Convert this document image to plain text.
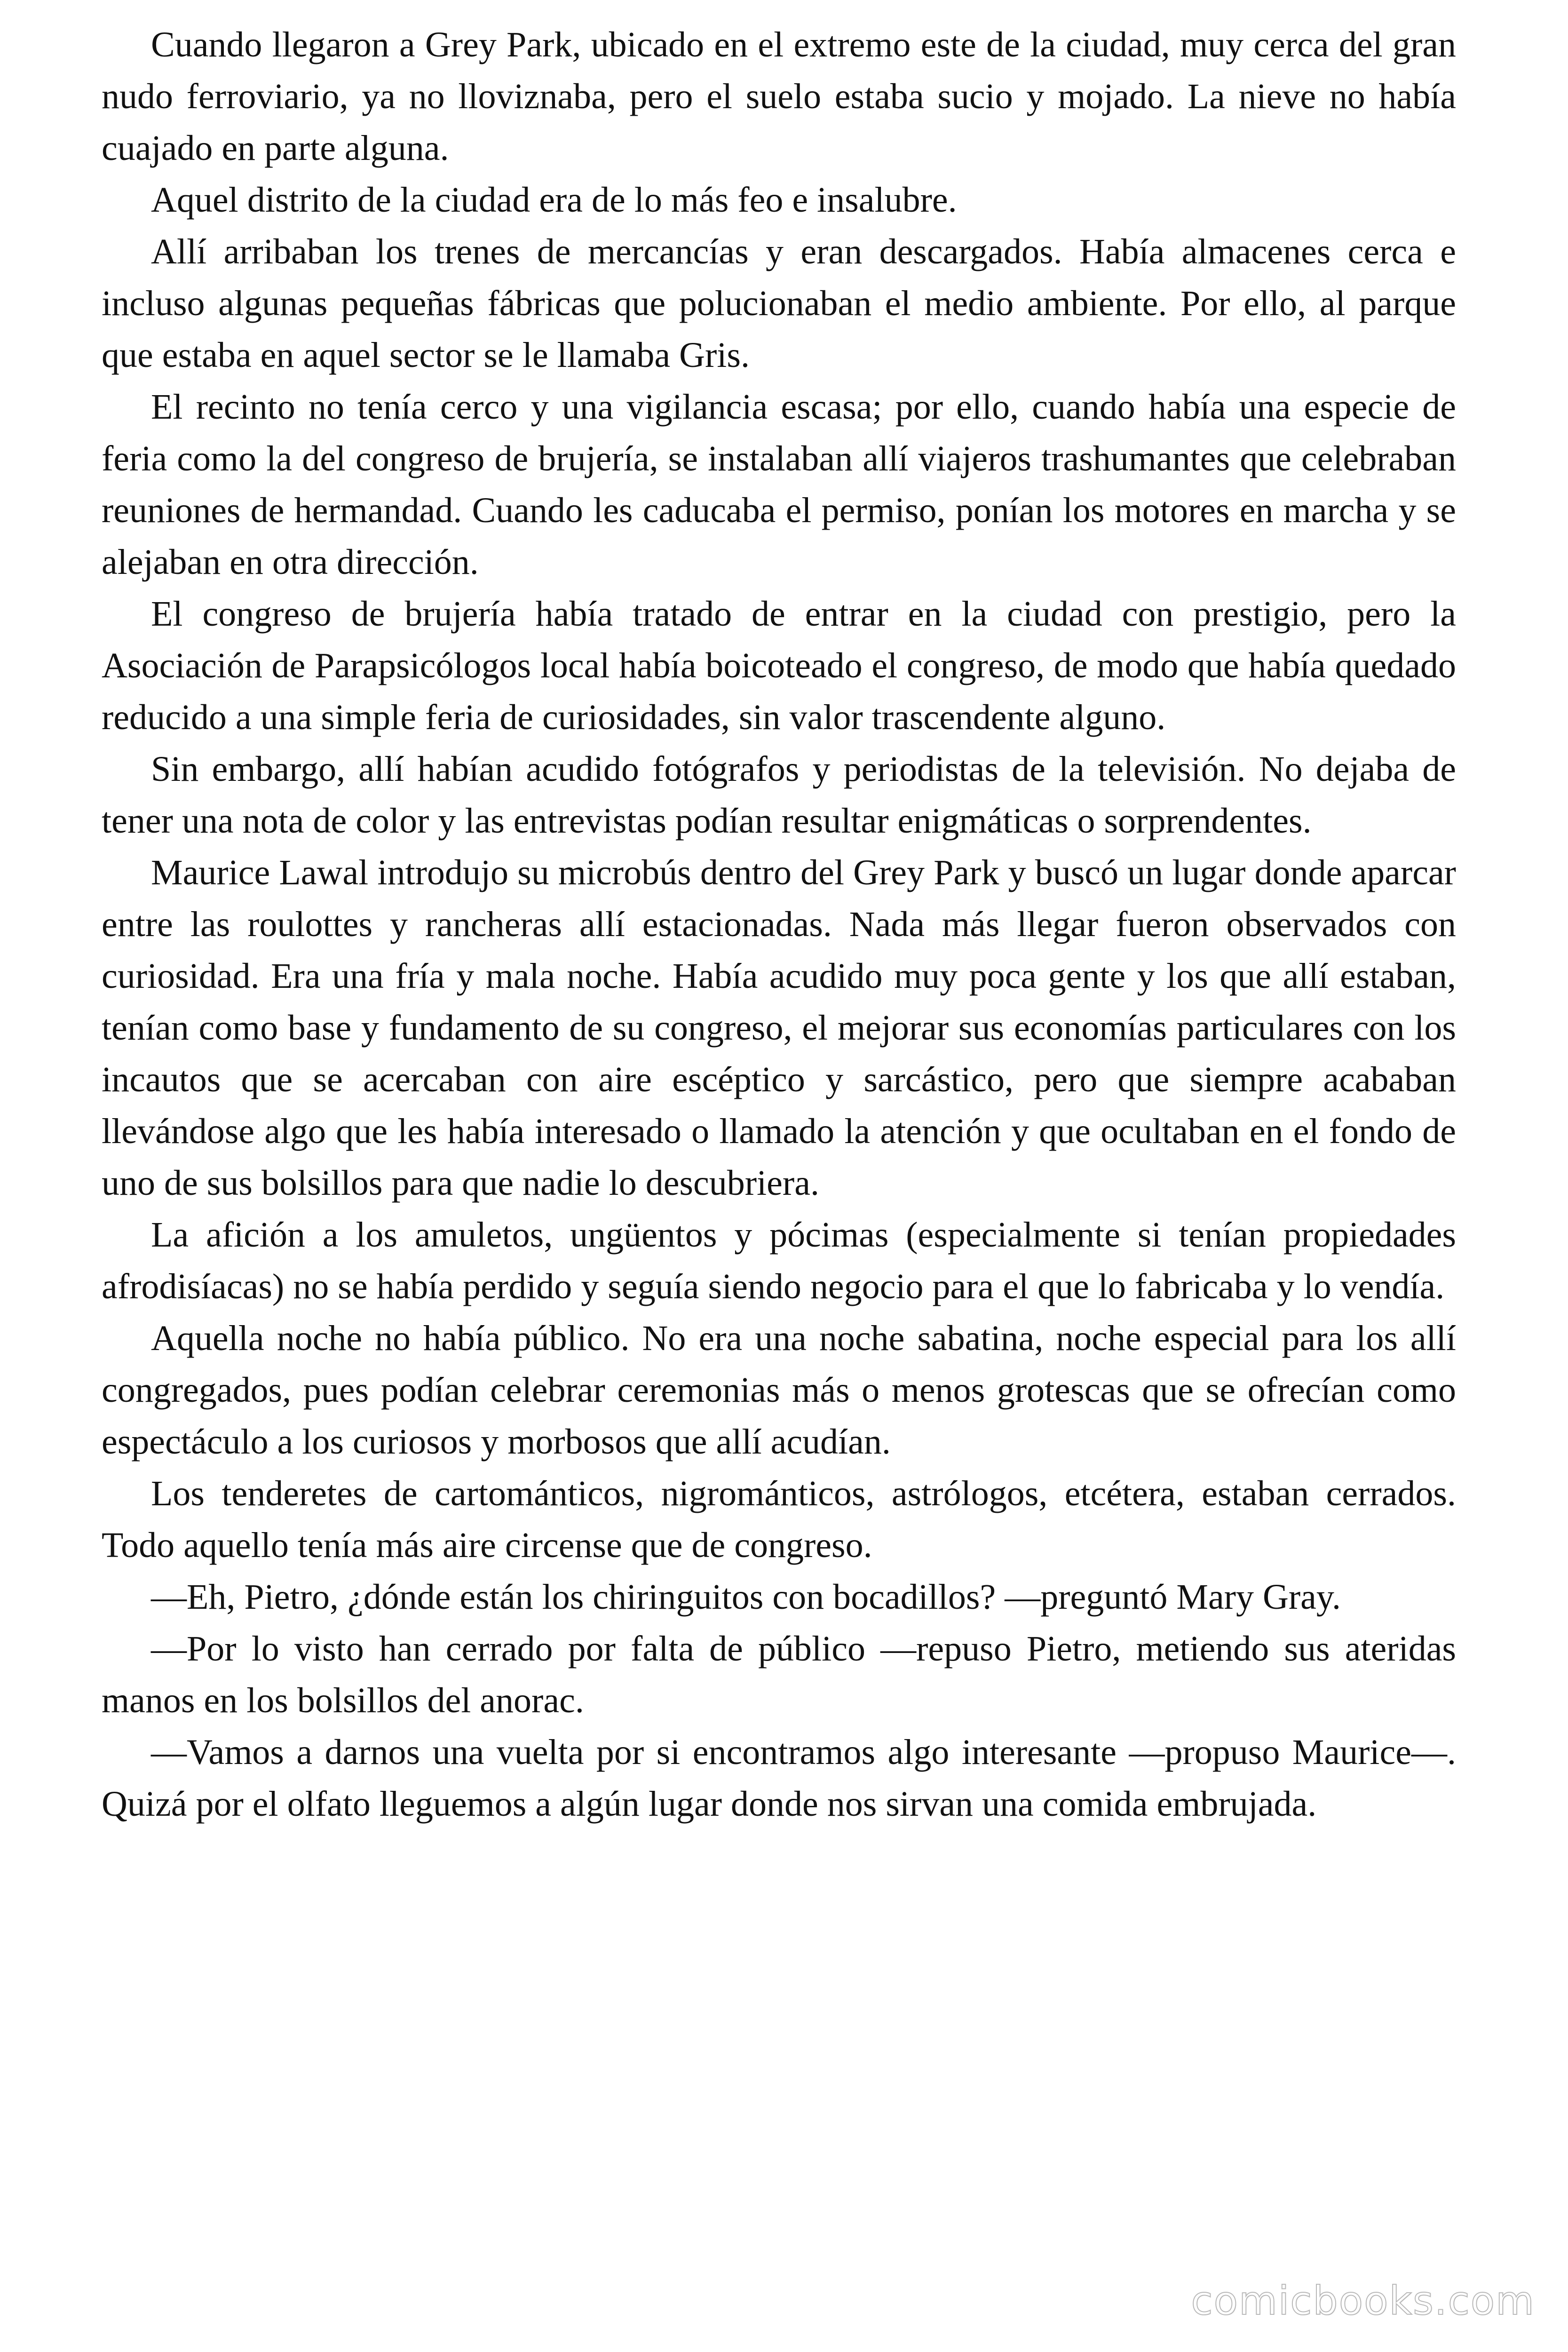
Cuando llegaron a Grey Park, ubicado en el extremo este de la ciudad, muy cerca del gran nudo ferroviario, ya no lloviznaba, pero el suelo estaba sucio y mojado. La nieve no había cuajado en parte alguna.

Aquel distrito de la ciudad era de lo más feo e insalubre.

Allí arribaban los trenes de mercancías y eran descargados. Había almacenes cerca e incluso algunas pequeñas fábricas que polucionaban el medio ambiente. Por ello, al parque que estaba en aquel sector se le llamaba Gris.

El recinto no tenía cerco y una vigilancia escasa; por ello, cuando había una especie de feria como la del congreso de brujería, se instalaban allí viajeros trashumantes que celebraban reuniones de hermandad. Cuando les caducaba el permiso, ponían los motores en marcha y se alejaban en otra dirección.

El congreso de brujería había tratado de entrar en la ciudad con prestigio, pero la Asociación de Parapsicólogos local había boicoteado el congreso, de modo que había quedado reducido a una simple feria de curiosidades, sin valor trascendente alguno.

Sin embargo, allí habían acudido fotógrafos y periodistas de la televisión. No dejaba de tener una nota de color y las entrevistas podían resultar enigmáticas o sorprendentes.

Maurice Lawal introdujo su microbús dentro del Grey Park y buscó un lugar donde aparcar entre las roulottes y rancheras allí estacionadas. Nada más llegar fueron observados con curiosidad. Era una fría y mala noche. Había acudido muy poca gente y los que allí estaban, tenían como base y fundamento de su congreso, el mejorar sus economías particulares con los incautos que se acercaban con aire escéptico y sarcástico, pero que siempre acababan llevándose algo que les había interesado o llamado la atención y que ocultaban en el fondo de uno de sus bolsillos para que nadie lo descubriera.

La afición a los amuletos, ungüentos y pócimas (especialmente si tenían propiedades afrodisíacas) no se había perdido y seguía siendo negocio para el que lo fabricaba y lo vendía.

Aquella noche no había público. No era una noche sabatina, noche especial para los allí congregados, pues podían celebrar ceremonias más o menos grotescas que se ofrecían como espectáculo a los curiosos y morbosos que allí acudían.

Los tenderetes de cartománticos, nigrománticos, astrólogos, etcétera, estaban cerrados. Todo aquello tenía más aire circense que de congreso.

—Eh, Pietro, ¿dónde están los chiringuitos con bocadillos? —preguntó Mary Gray.

—Por lo visto han cerrado por falta de público —repuso Pietro, metiendo sus ateridas manos en los bolsillos del anorac.

—Vamos a darnos una vuelta por si encontramos algo interesante —propuso Maurice—. Quizá por el olfato lleguemos a algún lugar donde nos sirvan una comida embrujada.

comicbooks.com
